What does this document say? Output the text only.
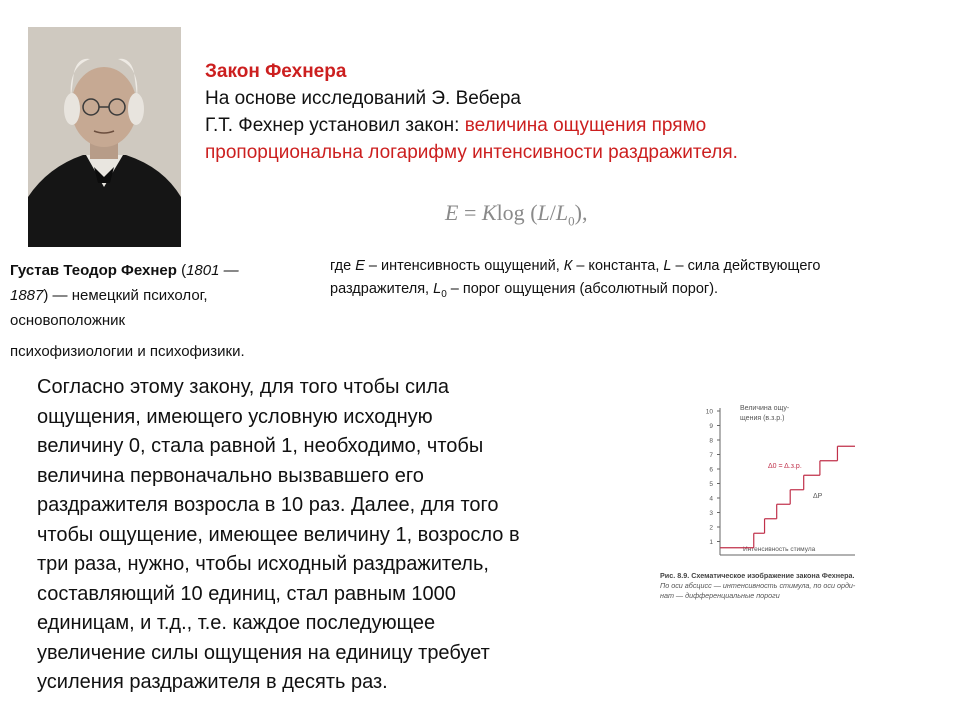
Закон Фехнера
На основе исследований Э. Вебера
Г.Т. Фехнер установил закон: величина ощущения прямо
пропорциональна логарифму интенсивности раздражителя.
E = Klog $(L/L_0)$,
Густав Теодор Фехнер (1801 —
1887) — немецкий психолог,
основоположник
психофизиологии и психофизики.
где Е – интенсивность ощущений, К – константа, L – сила действующего раздражителя, $L_0$ – порог ощущения (абсолютный порог).
Согласно этому закону, для того чтобы сила
ощущения, имеющего условную исходную
величину 0, стала равной 1, необходимо, чтобы
величина первоначально вызвавшего его
раздражителя возросла в 10 раз. Далее, для того
чтобы ощущение, имеющее величину 1, возросло в
три раза, нужно, чтобы исходный раздражитель,
составляющий 10 единиц, стал равным 1000
единицам, и т.д., т.е. каждое последующее
увеличение силы ощущения на единицу требует
усиления раздражителя в десять раз.
10
9
8
7
6
5
4
3
2
1
Величина ощу-
щения (в.з.р.)
Интенсивность стимула
Δ0 = Δ.з.р.
ΔР
Рис. 8.9. Схематическое изображение закона Фехнера.
По оси абсцисс — интенсивность стимула, по оси орди-
нат — дифференциальные пороги
